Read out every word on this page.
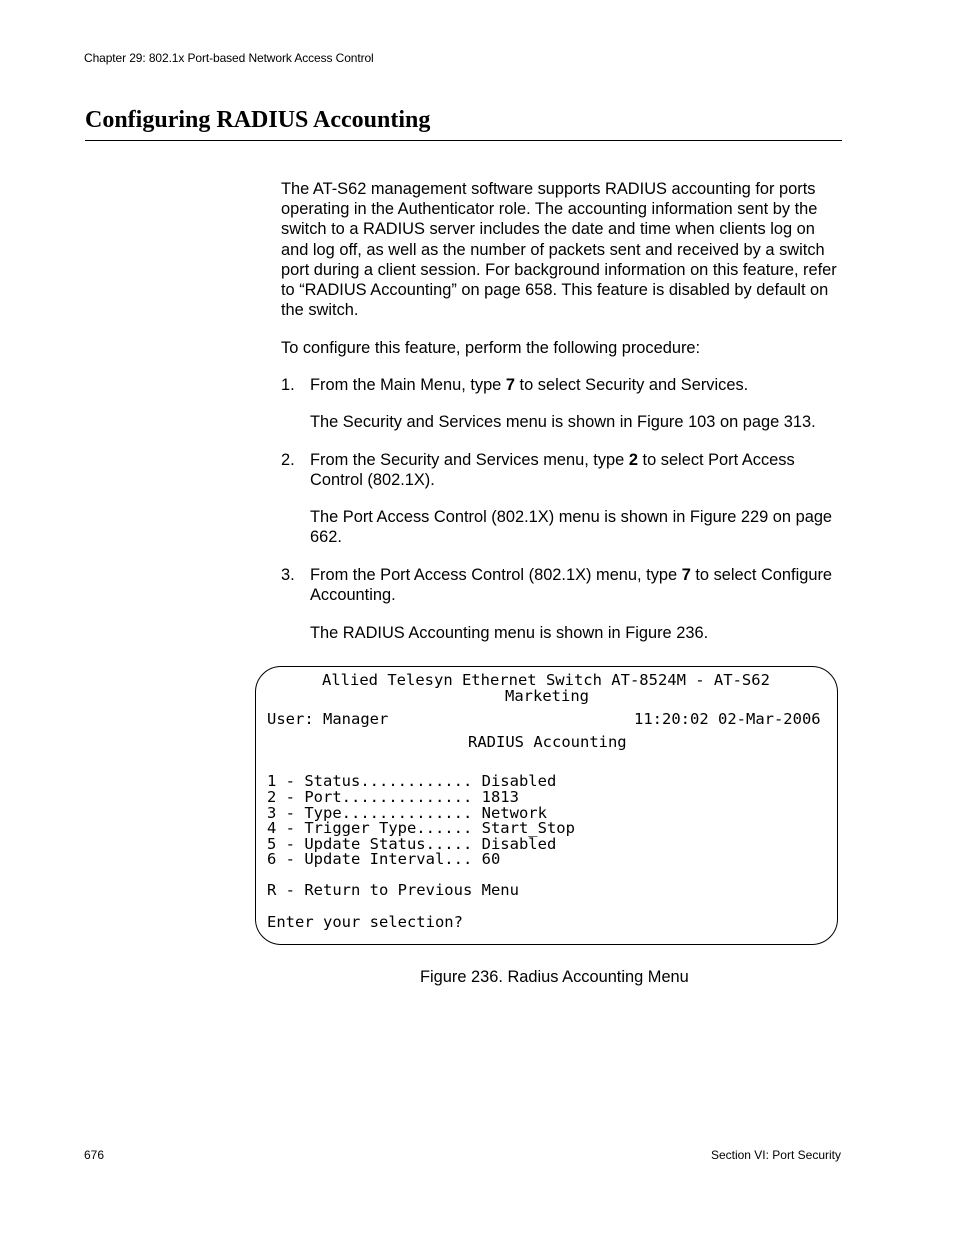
Chapter 29: 802.1x Port-based Network Access Control
Configuring RADIUS Accounting
The AT-S62 management software supports RADIUS accounting for ports operating in the Authenticator role. The accounting information sent by the switch to a RADIUS server includes the date and time when clients log on and log off, as well as the number of packets sent and received by a switch port during a client session. For background information on this feature, refer to “RADIUS Accounting” on page 658. This feature is disabled by default on the switch.
To configure this feature, perform the following procedure:
1. From the Main Menu, type 7 to select Security and Services.
The Security and Services menu is shown in Figure 103 on page 313.
2. From the Security and Services menu, type 2 to select Port Access Control (802.1X).
The Port Access Control (802.1X) menu is shown in Figure 229 on page 662.
3. From the Port Access Control (802.1X) menu, type 7 to select Configure Accounting.
The RADIUS Accounting menu is shown in Figure 236.
Allied Telesyn Ethernet Switch AT-8524M - AT-S62
Marketing
User: Manager	11:20:02 02-Mar-2006
RADIUS Accounting
1 - Status............ Disabled
2 - Port.............. 1813
3 - Type.............. Network
4 - Trigger Type...... Start_Stop
5 - Update Status..... Disabled
6 - Update Interval... 60
R - Return to Previous Menu
Enter your selection?
Figure 236. Radius Accounting Menu
676	Section VI: Port Security
